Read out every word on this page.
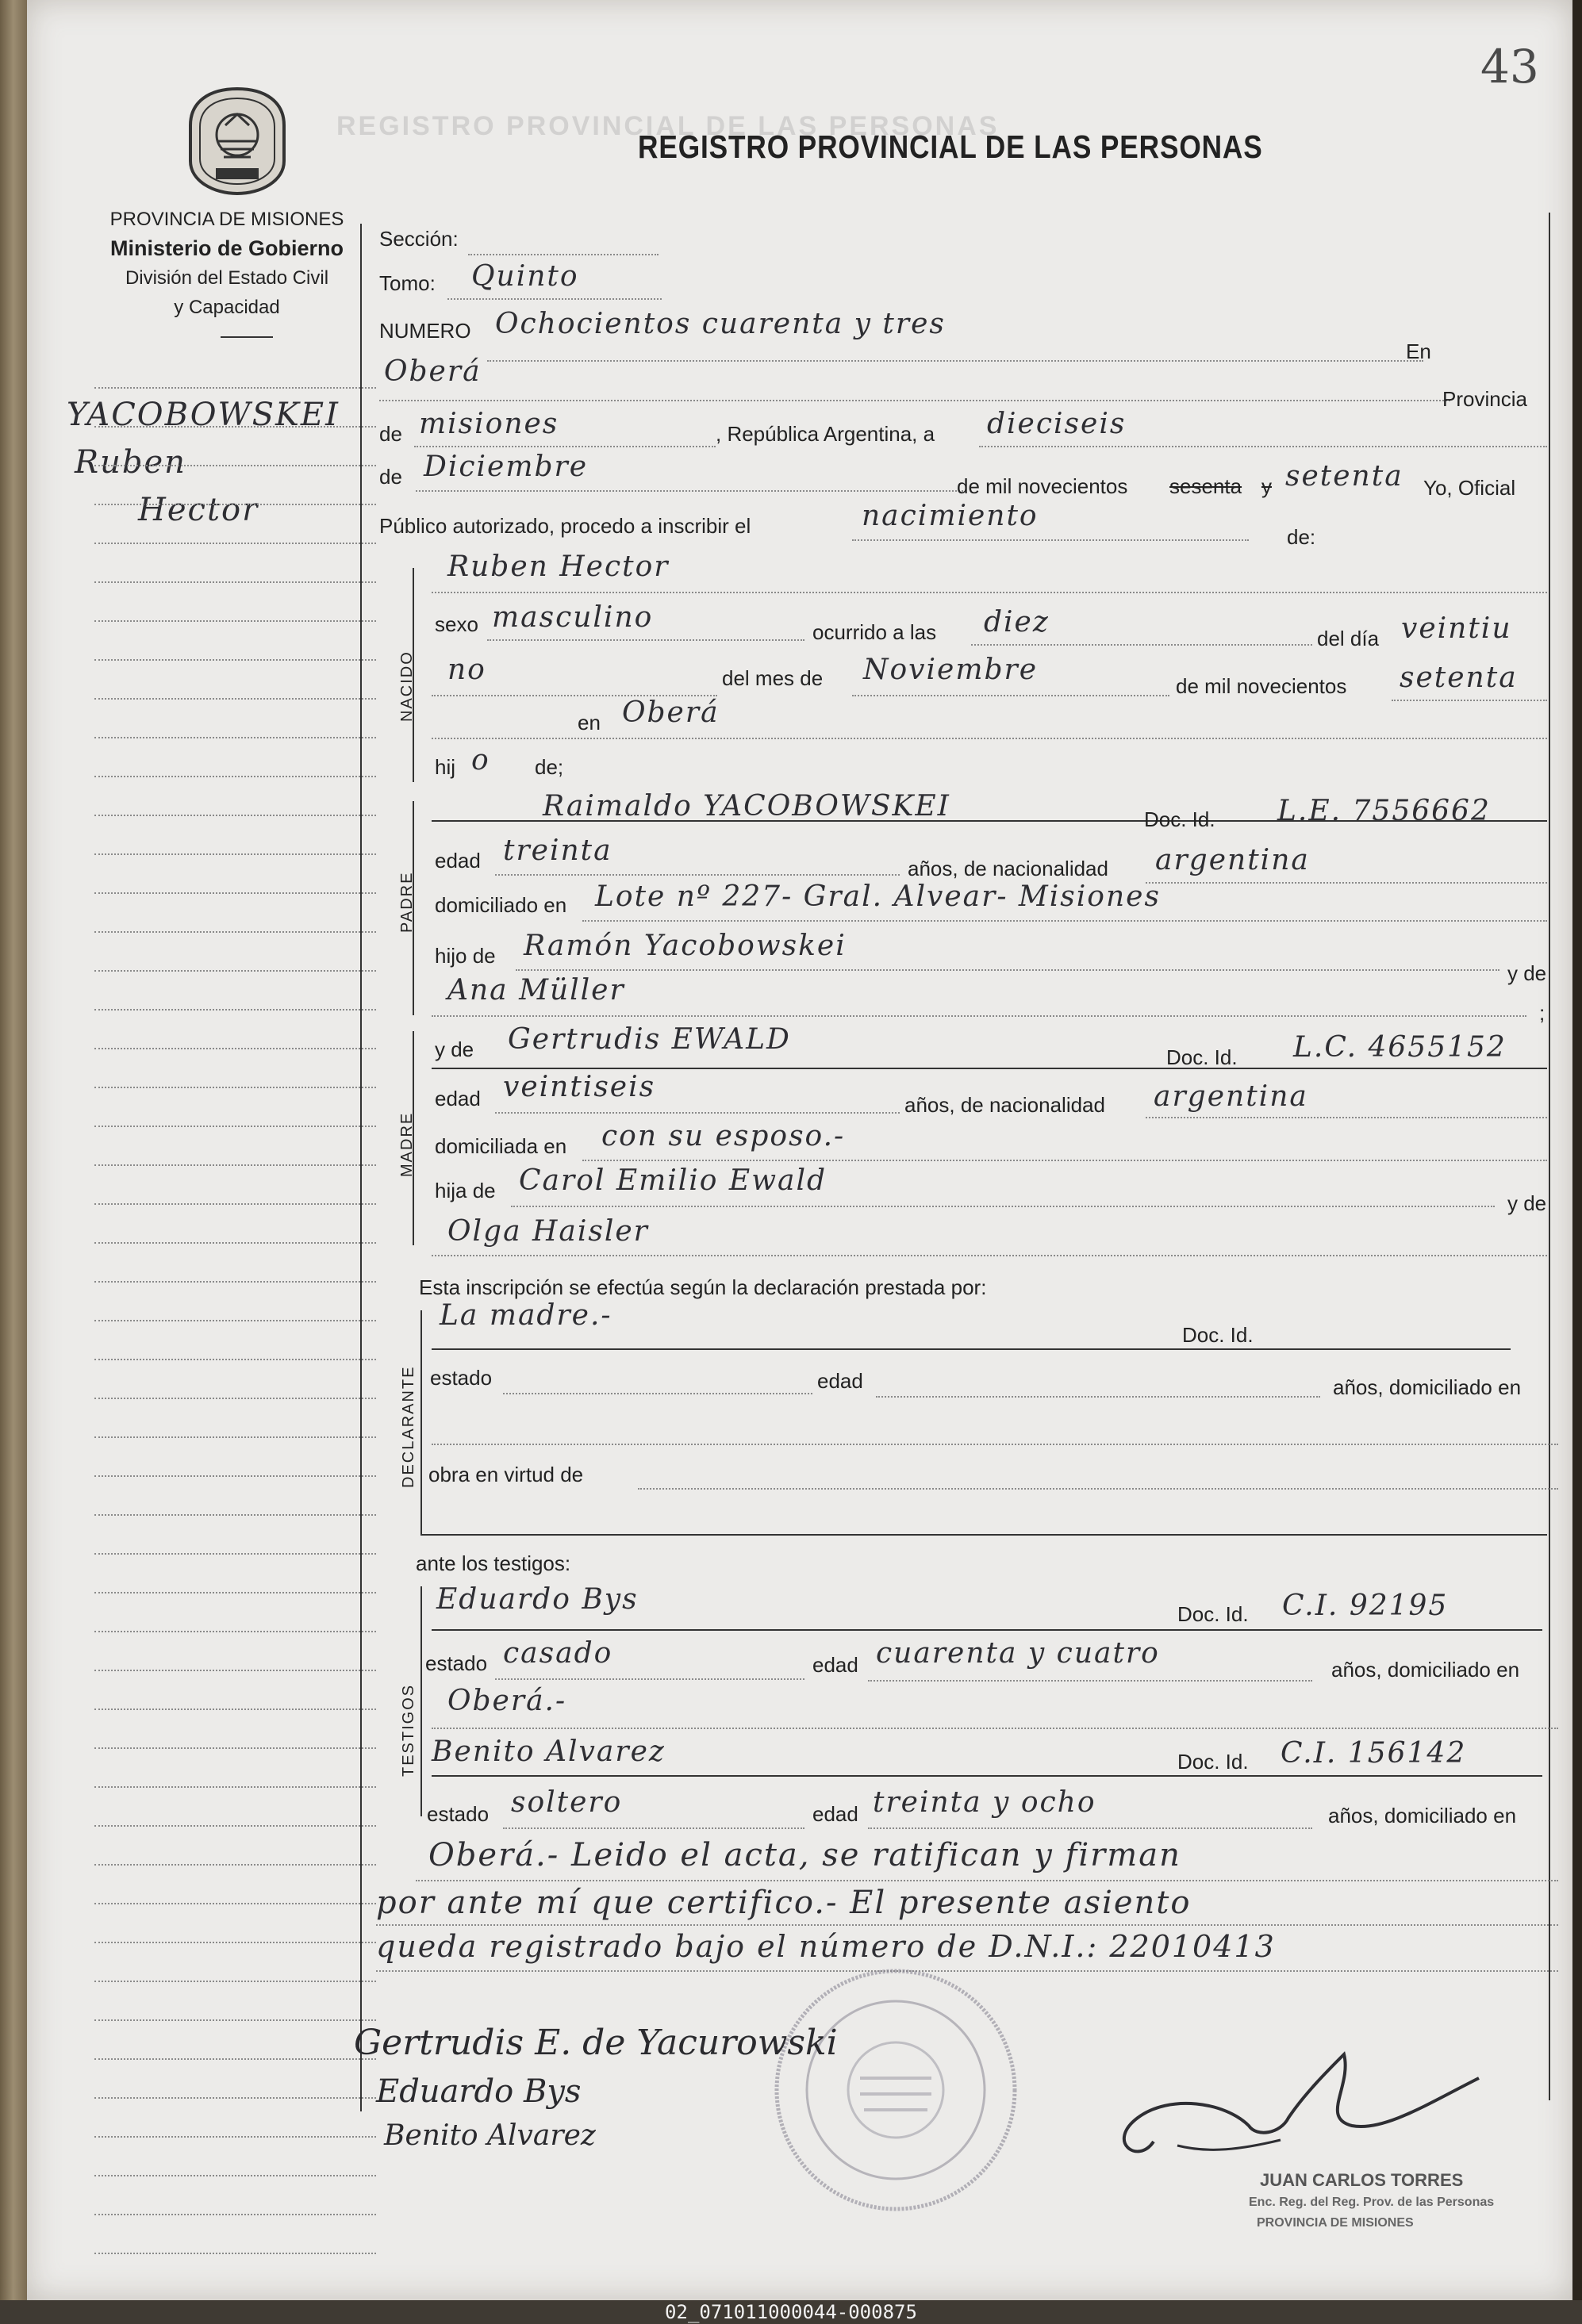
43
REGISTRO PROVINCIAL DE LAS PERSONAS
REGISTRO PROVINCIAL DE LAS PERSONAS
PROVINCIA DE MISIONES
Ministerio de Gobierno
División del Estado Civil
y Capacidad
YACOBOWSKEI
Ruben
Hector
Sección:
Tomo: Quinto
NUMERO Ochocientos cuarenta y tres
En
Oberá
Provincia
de misiones	, República Argentina, a dieciseis
de Diciembre
de mil novecientos sesenta y setenta Yo, Oficial
Público autorizado, procedo a inscribir el	nacimiento
de:
NACIDO
Ruben Hector
sexo masculino	ocurrido a las diez	del día veintiu
no	del mes de Noviembre	de mil novecientos setenta
en Oberá
hij o de;
PADRE
Raimaldo YACOBOWSKEI	Doc. Id. L.E. 7556662
edad treinta
años, de nacionalidad argentina
domiciliado en Lote nº 227- Gral. Alvear- Misiones
hijo de Ramón Yacobowskei
y de
Ana Müller
;
MADRE
y de Gertrudis EWALD
Doc. Id. L.C. 4655152
edad veintiseis
años, de nacionalidad argentina
domiciliada en con su esposo.-
hija de Carol Emilio Ewald
y de
Olga Haisler
Esta inscripción se efectúa según la declaración prestada por:
DECLARANTE
La madre.-
Doc. Id.
estado	edad	años, domiciliado en
obra en virtud de
ante los testigos:
TESTIGOS
Eduardo Bys	Doc. Id. C.I. 92195
estado casado	edad cuarenta y cuatro	años, domiciliado en
Oberá.-
Benito Alvarez	Doc. Id. C.I. 156142
estado soltero	edad treinta y ocho	años, domiciliado en
Oberá.- Leido el acta, se ratifican y firman
por ante mí que certifico.- El presente asiento
queda registrado bajo el número de D.N.I.: 22010413
Gertrudis E. de Yacurowski
Eduardo Bys
Benito Alvarez
JUAN CARLOS TORRES
Enc. Reg. del Reg. Prov. de las Personas
PROVINCIA DE MISIONES
02_071011000044-000875
